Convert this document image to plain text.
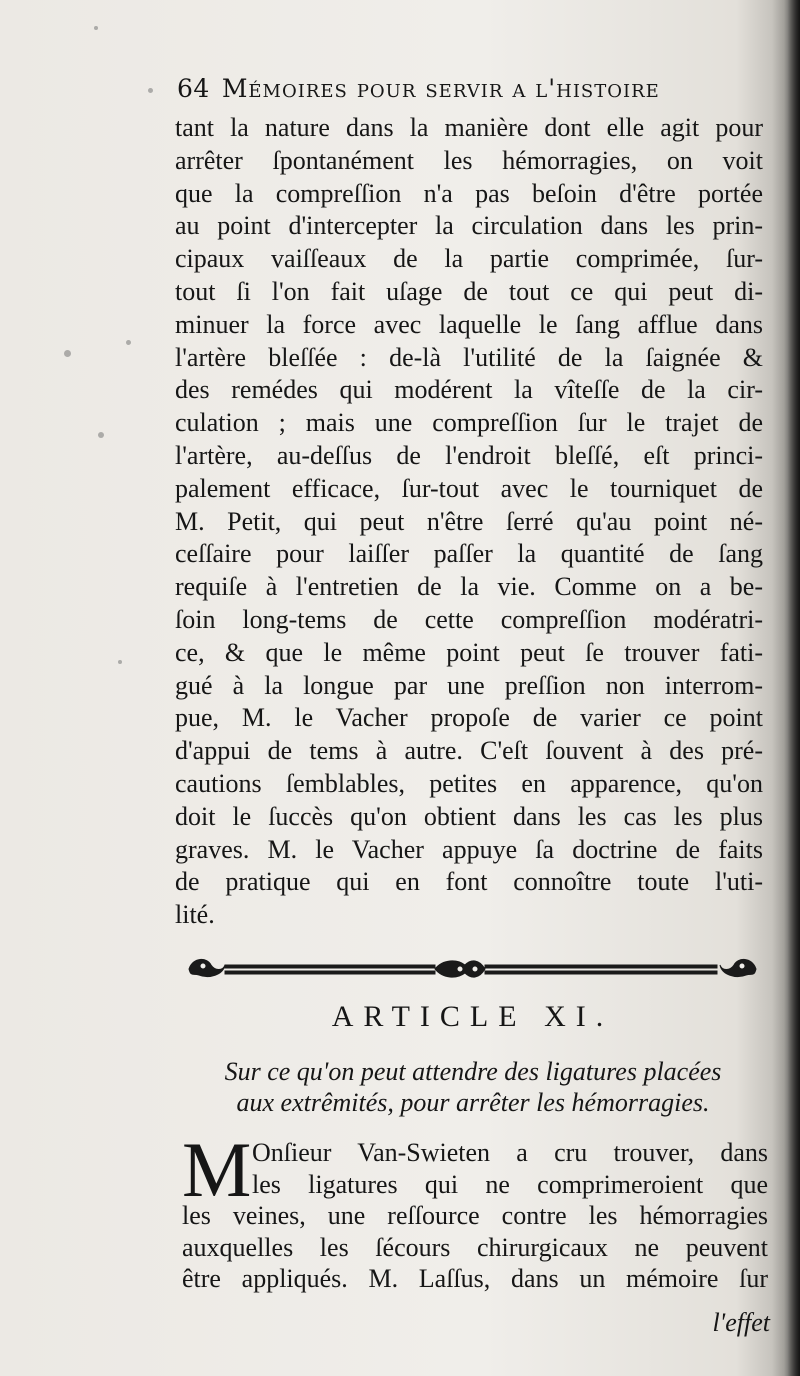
64 Mémoires pour servir a l'histoire
tant la nature dans la manière dont elle agit pour
arrêter ſpontanément les hémorragies, on voit
que la compreſſion n'a pas beſoin d'être portée
au point d'intercepter la circulation dans les prin-
cipaux vaiſſeaux de la partie comprimée, ſur-
tout ſi l'on fait uſage de tout ce qui peut di-
minuer la force avec laquelle le ſang afflue dans
l'artère bleſſée : de-là l'utilité de la ſaignée &
des remédes qui modérent la vîteſſe de la cir-
culation ; mais une compreſſion ſur le trajet de
l'artère, au-deſſus de l'endroit bleſſé, eſt princi-
palement efficace, ſur-tout avec le tourniquet de
M. Petit, qui peut n'être ſerré qu'au point né-
ceſſaire pour laiſſer paſſer la quantité de ſang
requiſe à l'entretien de la vie. Comme on a be-
ſoin long-tems de cette compreſſion modératri-
ce, & que le même point peut ſe trouver fati-
gué à la longue par une preſſion non interrom-
pue, M. le Vacher propoſe de varier ce point
d'appui de tems à autre. C'eſt ſouvent à des pré-
cautions ſemblables, petites en apparence, qu'on
doit le ſuccès qu'on obtient dans les cas les plus
graves. M. le Vacher appuye ſa doctrine de faits
de pratique qui en font connoître toute l'uti-
lité.
ARTICLE XI.
Sur ce qu'on peut attendre des ligatures placées
aux extrêmités, pour arrêter les hémorragies.
M Onſieur Van-Swieten a cru trouver, dans
les ligatures qui ne comprimeroient que
les veines, une reſſource contre les hémorragies
auxquelles les ſécours chirurgicaux ne peuvent
être appliqués. M. Laſſus, dans un mémoire ſur
l'effet
